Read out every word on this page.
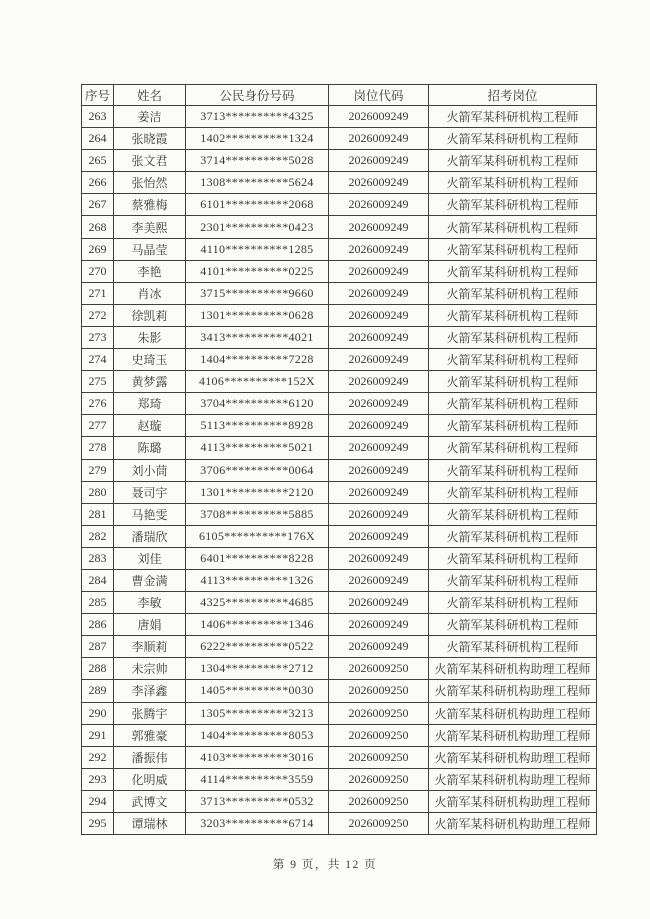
序号	姓名	公民身份号码	岗位代码	招考岗位
263	姜洁	3713**********4325	2026009249	火箭军某科研机构工程师
264	张晓霞	1402**********1324	2026009249	火箭军某科研机构工程师
265	张文君	3714**********5028	2026009249	火箭军某科研机构工程师
266	张怡然	1308**********5624	2026009249	火箭军某科研机构工程师
267	蔡雅梅	6101**********2068	2026009249	火箭军某科研机构工程师
268	李美熙	2301**********0423	2026009249	火箭军某科研机构工程师
269	马晶莹	4110**********1285	2026009249	火箭军某科研机构工程师
270	李艳	4101**********0225	2026009249	火箭军某科研机构工程师
271	肖冰	3715**********9660	2026009249	火箭军某科研机构工程师
272	徐凯莉	1301**********0628	2026009249	火箭军某科研机构工程师
273	朱影	3413**********4021	2026009249	火箭军某科研机构工程师
274	史琦玉	1404**********7228	2026009249	火箭军某科研机构工程师
275	黄梦露	4106**********152X	2026009249	火箭军某科研机构工程师
276	郑琦	3704**********6120	2026009249	火箭军某科研机构工程师
277	赵璇	5113**********8928	2026009249	火箭军某科研机构工程师
278	陈璐	4113**********5021	2026009249	火箭军某科研机构工程师
279	刘小茼	3706**********0064	2026009249	火箭军某科研机构工程师
280	聂司宇	1301**********2120	2026009249	火箭军某科研机构工程师
281	马艳雯	3708**********5885	2026009249	火箭军某科研机构工程师
282	潘瑞欣	6105**********176X	2026009249	火箭军某科研机构工程师
283	刘佳	6401**********8228	2026009249	火箭军某科研机构工程师
284	曹金满	4113**********1326	2026009249	火箭军某科研机构工程师
285	李敏	4325**********4685	2026009249	火箭军某科研机构工程师
286	唐娟	1406**********1346	2026009249	火箭军某科研机构工程师
287	李顺莉	6222**********0522	2026009249	火箭军某科研机构工程师
288	未宗帅	1304**********2712	2026009250	火箭军某科研机构助理工程师
289	李泽鑫	1405**********0030	2026009250	火箭军某科研机构助理工程师
290	张腾宇	1305**********3213	2026009250	火箭军某科研机构助理工程师
291	郭雅豪	1404**********8053	2026009250	火箭军某科研机构助理工程师
292	潘振伟	4103**********3016	2026009250	火箭军某科研机构助理工程师
293	化明威	4114**********3559	2026009250	火箭军某科研机构助理工程师
294	武博文	3713**********0532	2026009250	火箭军某科研机构助理工程师
295	谭瑞林	3203**********6714	2026009250	火箭军某科研机构助理工程师
第 9 页，共 12 页
